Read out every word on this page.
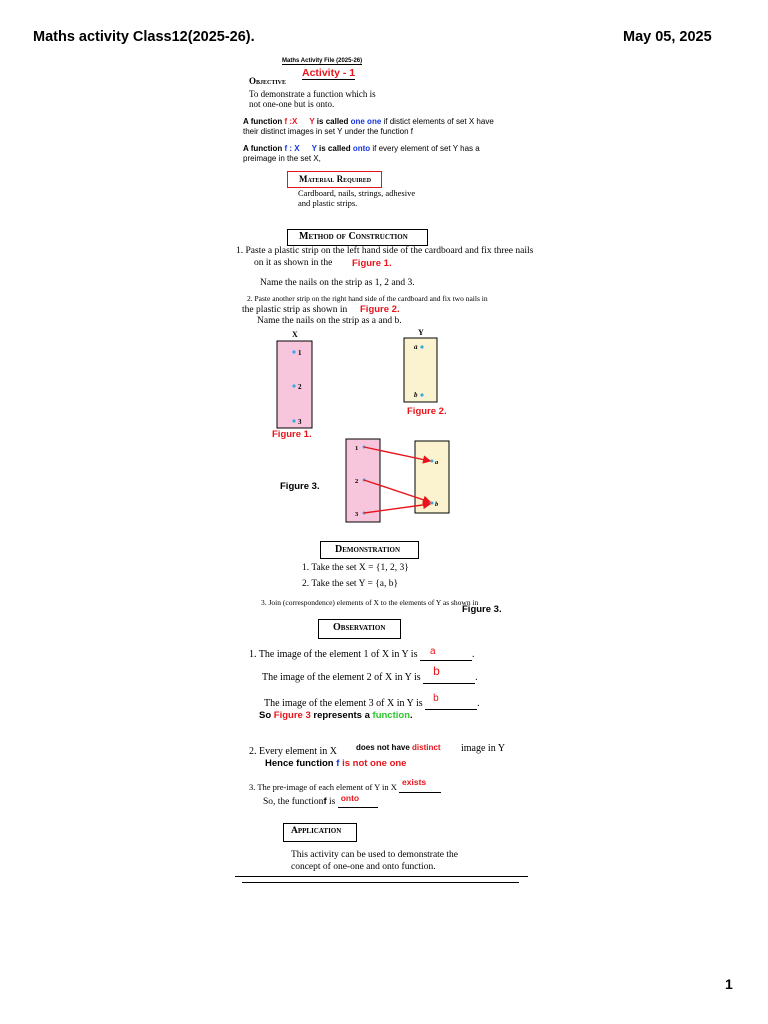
Maths activity Class12(2025-26).	May 05, 2025
Maths Activity File (2025-26)
Activity - 1
Objective
To demonstrate a function which is
not one-one but is onto.
A function f :X Y is called one one if distict elements of set X have
their distinct images in set Y under the function f
A function f : X Y is called onto if every element of set Y has a
preimage in the set X,
Material Required
Cardboard, nails, strings, adhesive
and plastic strips.
Method of Construction
1. Paste a plastic strip on the left hand side of the cardboard and fix three nails
on it as shown in the Figure 1.
Name the nails on the strip as 1, 2 and 3.
2. Paste another strip on the right hand side of the cardboard and fix two nails in
the plastic strip as shown in Figure 2.
Name the nails on the strip as a and b.
X
1
2
3
Y
a
b
Figure 2.
Figure 1.
Figure 3.
1
2
3
a
b
Demonstration
1. Take the set X = {1, 2, 3}
2. Take the set Y = {a, b}
3. Join (correspondence) elements of X to the elements of Y as shown in
Figure 3.
Observation
1. The image of the element 1 of X in Y is a	.
The image of the element 2 of X in Y is b	.
The image of the element 3 of X in Y is b	.
So Figure 3 represents a function.
2. Every element in X does not have distinct image in Y
Hence function f is not one one
3. The pre-image of each element of Y in X exists

So, the functionf is onto

Application
This activity can be used to demonstrate the
concept of one-one and onto function.
1
